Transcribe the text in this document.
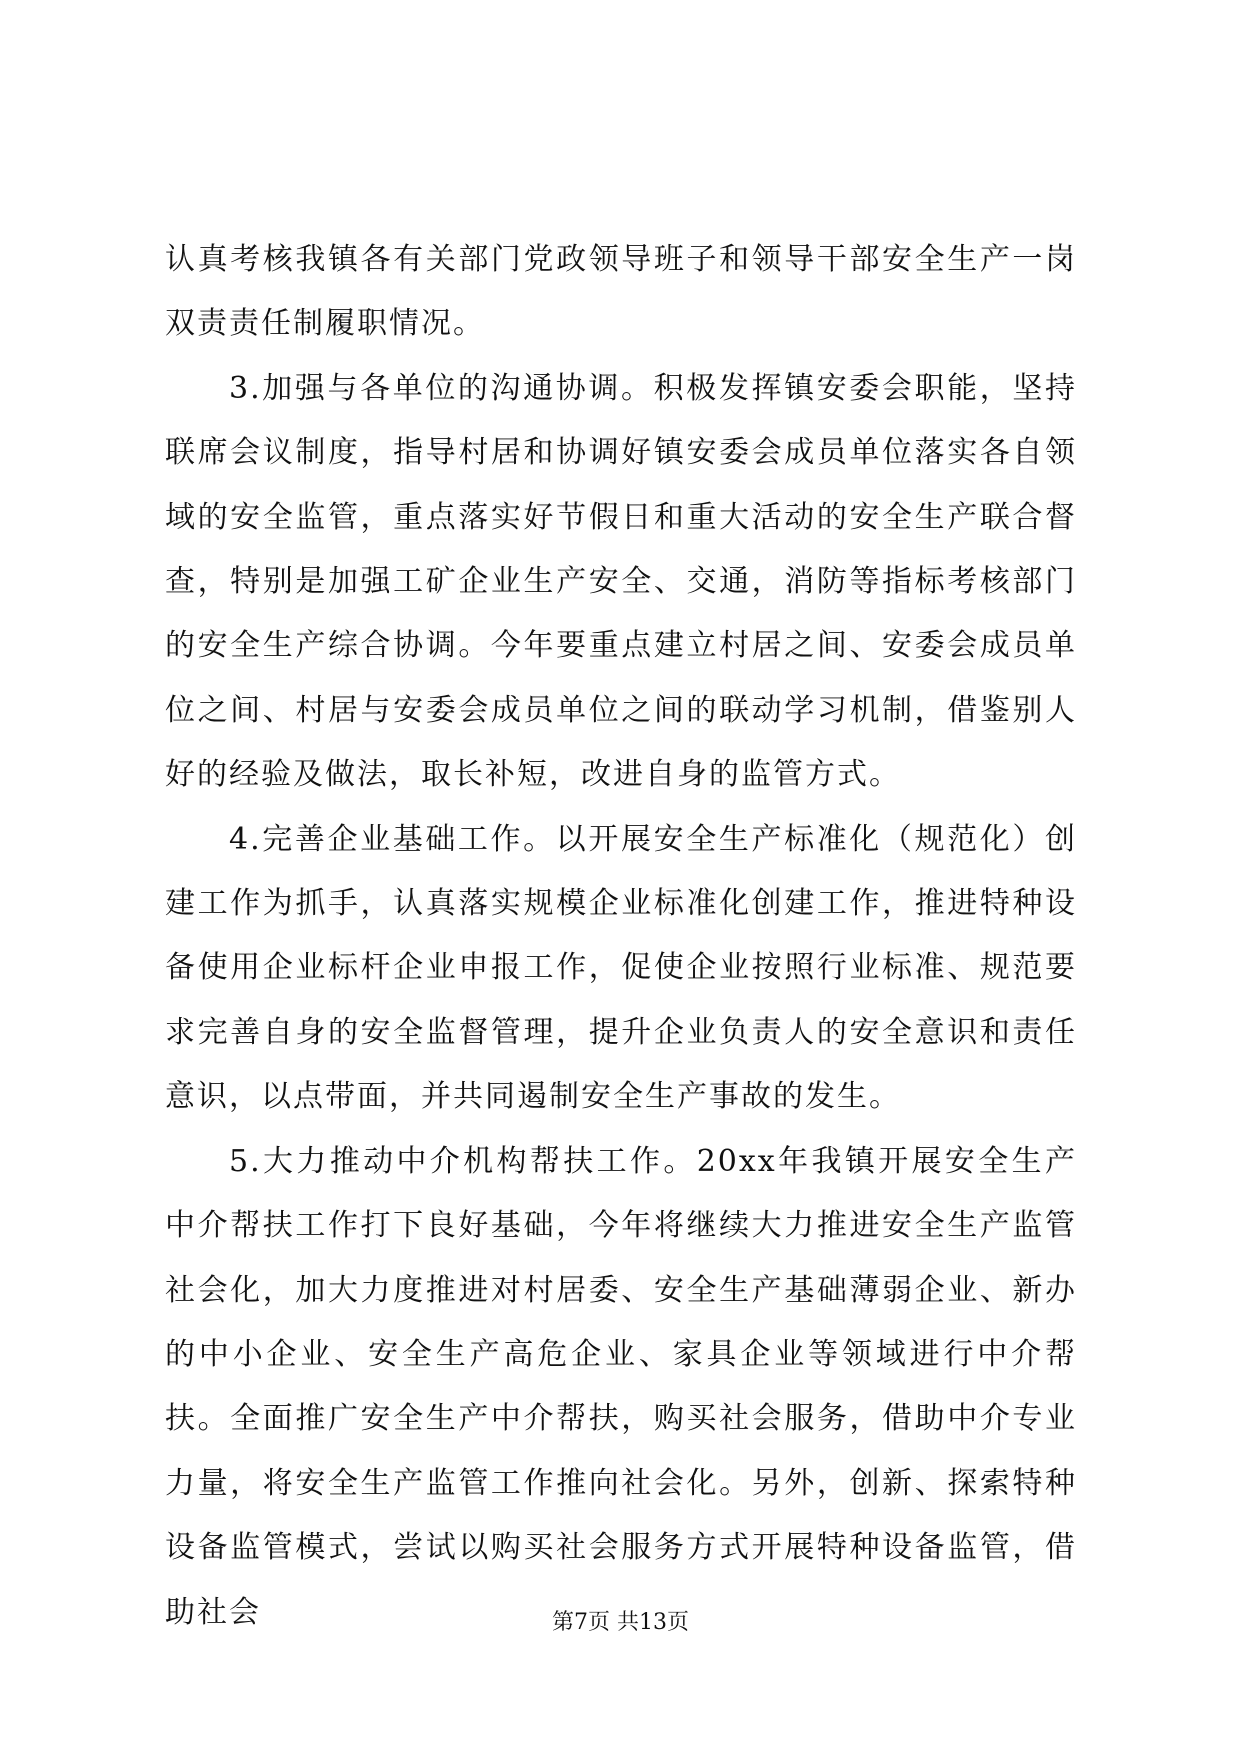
认真考核我镇各有关部门党政领导班子和领导干部安全生产一岗双责责任制履职情况。

3.加强与各单位的沟通协调。积极发挥镇安委会职能，坚持联席会议制度，指导村居和协调好镇安委会成员单位落实各自领域的安全监管，重点落实好节假日和重大活动的安全生产联合督查，特别是加强工矿企业生产安全、交通，消防等指标考核部门的安全生产综合协调。今年要重点建立村居之间、安委会成员单位之间、村居与安委会成员单位之间的联动学习机制，借鉴别人好的经验及做法，取长补短，改进自身的监管方式。

4.完善企业基础工作。以开展安全生产标准化（规范化）创建工作为抓手，认真落实规模企业标准化创建工作，推进特种设备使用企业标杆企业申报工作，促使企业按照行业标准、规范要求完善自身的安全监督管理，提升企业负责人的安全意识和责任意识，以点带面，并共同遏制安全生产事故的发生。

5.大力推动中介机构帮扶工作。20xx年我镇开展安全生产中介帮扶工作打下良好基础，今年将继续大力推进安全生产监管社会化，加大力度推进对村居委、安全生产基础薄弱企业、新办的中小企业、安全生产高危企业、家具企业等领域进行中介帮扶。全面推广安全生产中介帮扶，购买社会服务，借助中介专业力量，将安全生产监管工作推向社会化。另外，创新、探索特种设备监管模式，尝试以购买社会服务方式开展特种设备监管，借助社会	第7页 共13页
